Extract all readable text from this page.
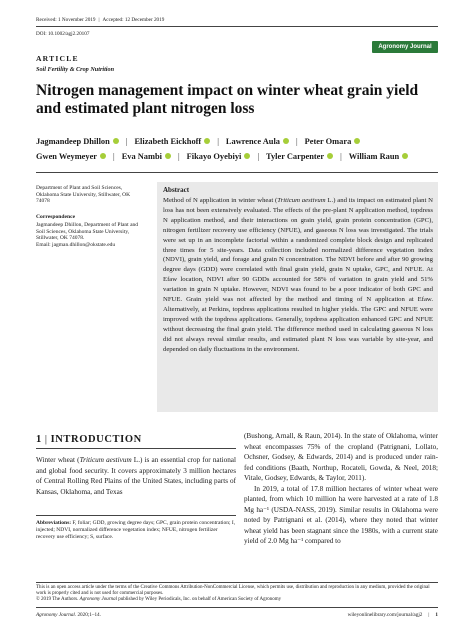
Received: 1 November 2019 | Accepted: 12 December 2019
DOI: 10.1002/agj2.20107
Agronomy Journal
ARTICLE
Soil Fertility & Crop Nutrition
Nitrogen management impact on winter wheat grain yield and estimated plant nitrogen loss
Jagmandeep Dhillon | Elizabeth Eickhoff | Lawrence Aula | Peter Omara
Gwen Weymeyer | Eva Nambi | Fikayo Oyebiyi | Tyler Carpenter | William Raun
Department of Plant and Soil Sciences, Oklahoma State University, Stillwater, OK 74078
Correspondence
Jagmandeep Dhillon, Department of Plant and Soil Sciences, Oklahoma State University, Stillwater, OK 74078.
Email: jagman.dhillon@okstate.edu
Abstract
Method of N application in winter wheat (Triticum aestivum L.) and its impact on estimated plant N loss has not been extensively evaluated. The effects of the pre-plant N application method, topdress N application method, and their interactions on grain yield, grain protein concentration (GPC), nitrogen fertilizer recovery use efficiency (NFUE), and gaseous N loss was investigated. The trials were set up in an incomplete factorial within a randomized complete block design and replicated three times for 5 site-years. Data collection included normalized difference vegetation index (NDVI), grain yield, and forage and grain N concentration. The NDVI before and after 90 growing degree days (GDD) were correlated with final grain yield, grain N uptake, GPC, and NFUE. At Efaw location, NDVI after 90 GDDs accounted for 58% of variation in grain yield and 51% variation in grain N uptake. However, NDVI was found to be a poor indicator of both GPC and NFUE. Grain yield was not affected by the method and timing of N application at Efaw. Alternatively, at Perkins, topdress applications resulted in higher yields. The GPC and NFUE were improved with the topdress applications. Generally, topdress application enhanced GPC and NFUE without decreasing the final grain yield. The difference method used in calculating gaseous N loss did not always reveal similar results, and estimated plant N loss was variable by site-year, and depended on daily fluctuations in the environment.
1 | INTRODUCTION
Winter wheat (Triticum aestivum L.) is an essential crop for national and global food security. It covers approximately 3 million hectares of Central Rolling Red Plains of the United States, including parts of Kansas, Oklahoma, and Texas
(Bushong, Arnall, & Raun, 2014). In the state of Oklahoma, winter wheat encompasses 75% of the cropland (Patrignani, Lollato, Ochsner, Godsey, & Edwards, 2014) and is produced under rain-fed conditions (Baath, Northup, Rocateli, Gowda, & Neel, 2018; Vitale, Godsey, Edwards, & Taylor, 2011).
In 2019, a total of 17.8 million hectares of winter wheat were planted, from which 10 million ha were harvested at a rate of 1.8 Mg ha⁻¹ (USDA-NASS, 2019). Similar results in Oklahoma were noted by Patrignani et al. (2014), where they noted that winter wheat yield has been stagnant since the 1980s, with a current state yield of 2.0 Mg ha⁻¹ compared to
Abbreviations: F, foliar; GDD, growing degree days; GPC, grain protein concentration; I, injected; NDVI, normalized difference vegetation index; NFUE, nitrogen fertilizer recovery use efficiency; S, surface.
This is an open access article under the terms of the Creative Commons Attribution-NonCommercial License, which permits use, distribution and reproduction in any medium, provided the original work is properly cited and is not used for commercial purposes.
© 2019 The Authors. Agronomy Journal published by Wiley Periodicals, Inc. on behalf of American Society of Agronomy
Agronomy Journal. 2020;1–14.	wileyonlinelibrary.com/journal/agj2 | 1
